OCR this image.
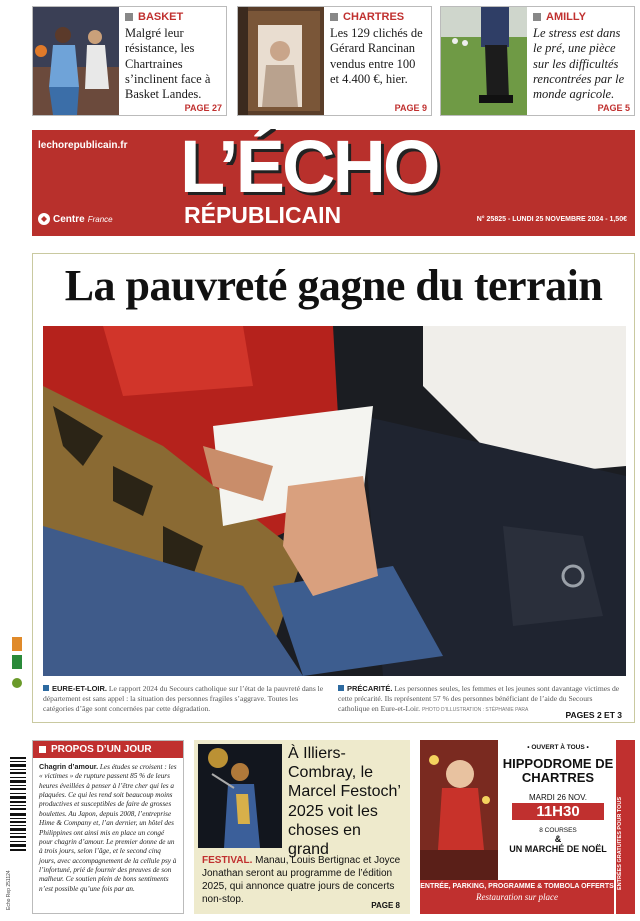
BASKET
Malgré leur résistance, les Chartraines s’inclinent face à Basket Landes.
PAGE 27
CHARTRES
Les 129 clichés de Gérard Rancinan vendus entre 100 et 4.400 €, hier.
PAGE 9
AMILLY
Le stress est dans le pré, une pièce sur les difficultés rencontrées par le monde agricole.
PAGE 5
lechorepublicain.fr L’ÉCHO
RÉPUBLICAIN
Centre France	N° 25825 - LUNDI 25 NOVEMBRE 2024 - 1,50€
La pauvreté gagne du terrain
EURE-ET-LOIR. Le rapport 2024 du Secours catholique sur l’état de la pauvreté dans le département est sans appel : la situation des personnes fragiles s’aggrave. Toutes les catégories d’âge sont concernées par cette dégradation.
PRÉCARITÉ. Les personnes seules, les femmes et les jeunes sont davantage victimes de cette précarité. Ils représentent 57 % des personnes bénéficiant de l’aide du Secours catholique en Eure-et-Loir. PHOTO D’ILLUSTRATION : STÉPHANIE PARA
PAGES 2 ET 3
PROPOS D’UN JOUR
Chagrin d’amour. Les études se croisent : les « victimes » de rupture passent 85 % de leurs heures éveillées à penser à l’être cher qui les a plaquées. Ce qui les rend soit beaucoup moins productives et susceptibles de faire de grosses boulettes. Au Japon, depuis 2008, l’entreprise Hime & Company et, l’an dernier, un hôtel des Philippines ont ainsi mis en place un congé pour chagrin d’amour. Le premier donne de un à trois jours, selon l’âge, et le second cinq jours, avec accompagnement de la cellule psy à l’infortuné, prié de fournir des preuves de son malheur. Ce soutien plein de bons sentiments n’est possible qu’une fois par an.
À Illiers-Combray, le Marcel Festoch’ 2025 voit les choses en grand
FESTIVAL. Manau, Louis Bertignac et Joyce Jonathan seront au programme de l’édition 2025, qui annonce quatre jours de concerts non-stop.
PAGE 8
• OUVERT À TOUS •
HIPPODROME DE CHARTRES
MARDI 26 NOV.
11H30
8 COURSES
&
UN MARCHÉ DE NOËL
ENTRÉE, PARKING, PROGRAMME & TOMBOLA OFFERTS
Restauration sur place
ENTRÉES GRATUITES POUR TOUS
Echo Rep 251124
